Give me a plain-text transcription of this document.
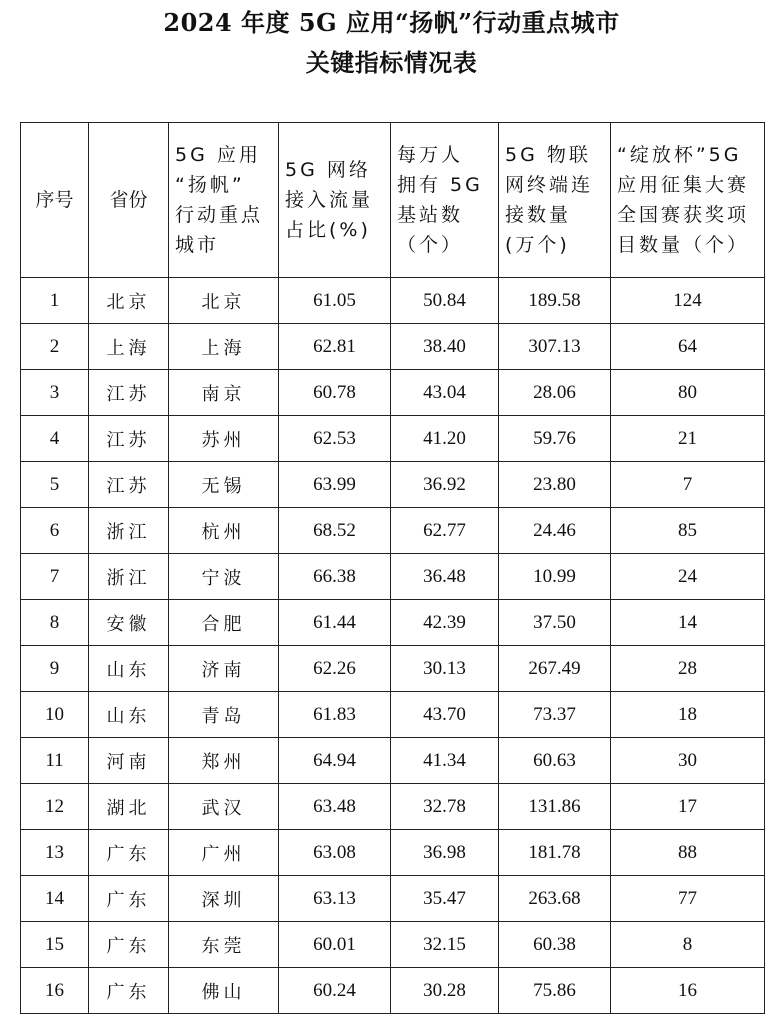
2024 年度 5G 应用“扬帆”行动重点城市
关键指标情况表
序号	省份	5G 应用
“扬帆”
行动重点
城市	5G 网络
接入流量
占比(%)	每万人
拥有 5G
基站数
（个）	5G 物联
网终端连
接数量
(万个)	“绽放杯”5G
应用征集大赛
全国赛获奖项
目数量（个）

1	北京	北京	61.05	50.84	189.58	124
2	上海	上海	62.81	38.40	307.13	64
3	江苏	南京	60.78	43.04	28.06	80
4	江苏	苏州	62.53	41.20	59.76	21
5	江苏	无锡	63.99	36.92	23.80	7
6	浙江	杭州	68.52	62.77	24.46	85
7	浙江	宁波	66.38	36.48	10.99	24
8	安徽	合肥	61.44	42.39	37.50	14
9	山东	济南	62.26	30.13	267.49	28
10	山东	青岛	61.83	43.70	73.37	18
11	河南	郑州	64.94	41.34	60.63	30
12	湖北	武汉	63.48	32.78	131.86	17
13	广东	广州	63.08	36.98	181.78	88
14	广东	深圳	63.13	35.47	263.68	77
15	广东	东莞	60.01	32.15	60.38	8
16	广东	佛山	60.24	30.28	75.86	16
